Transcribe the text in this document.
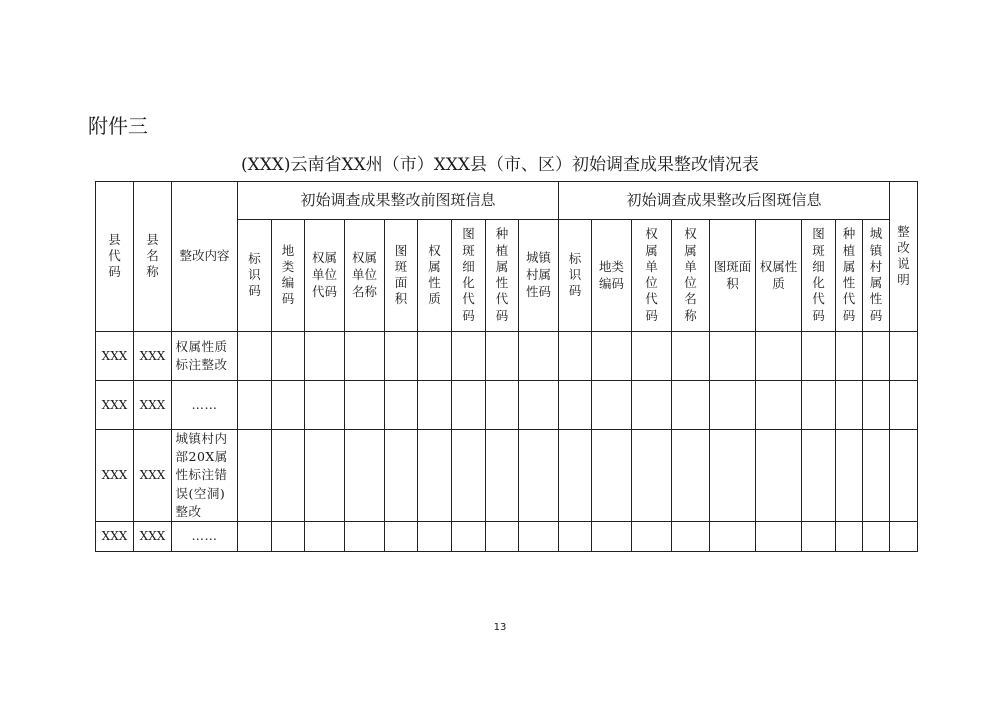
附件三
(XXX)云南省XX州（市）XXX县（市、区）初始调查成果整改情况表
县代码	县名称	整改内容	初始调查成果整改前图斑信息									初始调查成果整改后图斑信息									整改说明
			标识码	地类编码	权属单位代码	权属单位名称	图斑面积	权属性质	图斑细化代码	种植属性代码	城镇村属性码	标识码	地类编码	权属单位代码	权属单位名称	图斑面积	权属性质	图斑细化代码	种植属性代码	城镇村属性码	
XXX	XXX	权属性质标注整改																			
XXX	XXX	……																			
XXX	XXX	城镇村内部20X属性标注错误(空洞)整改																			
XXX	XXX	……																			
13
